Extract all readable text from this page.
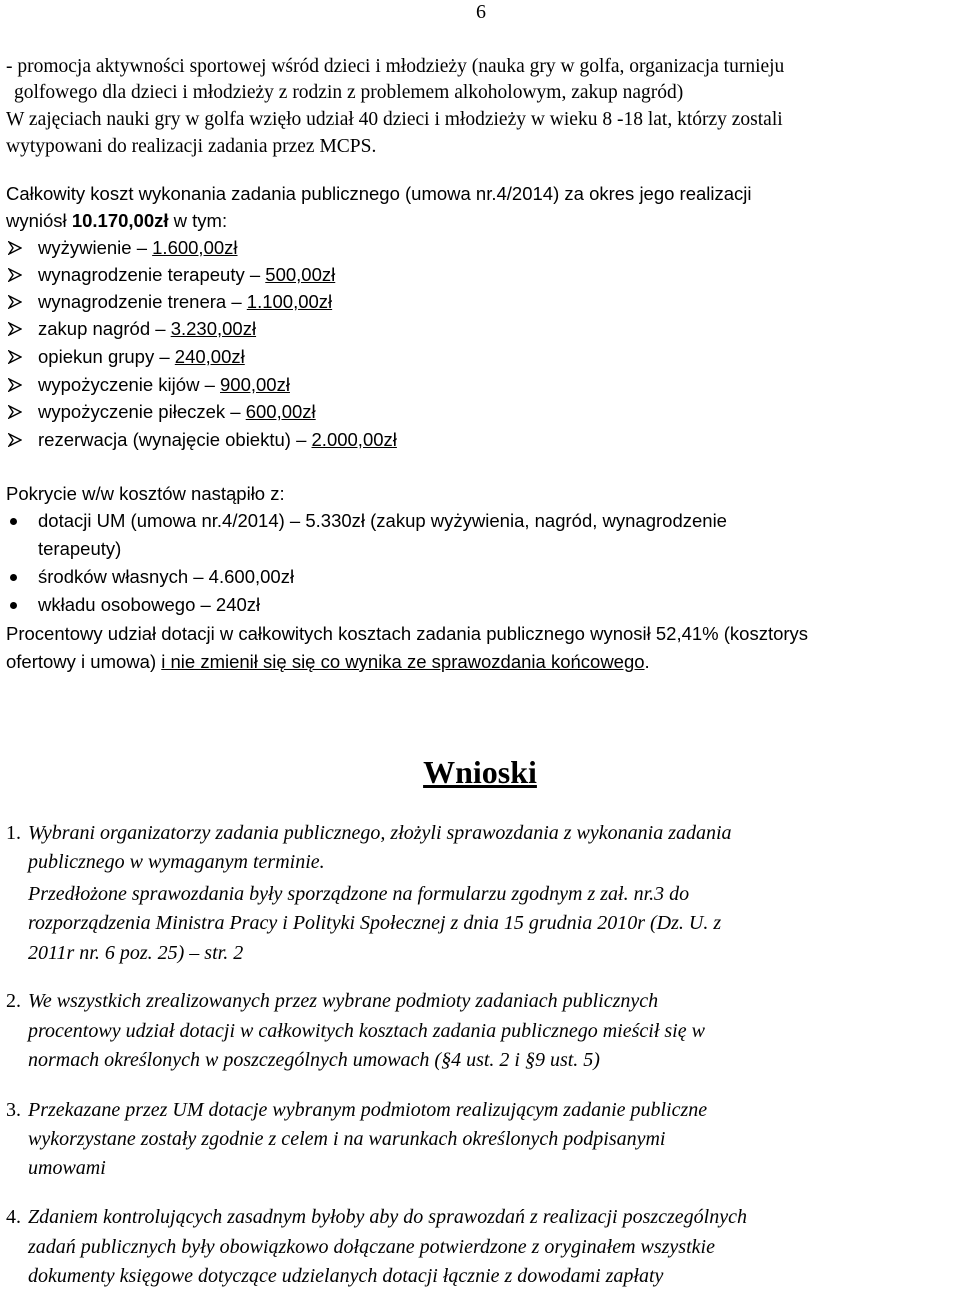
6
- promocja aktywności sportowej wśród dzieci i młodzieży (nauka gry w golfa, organizacja turnieju
golfowego dla dzieci i młodzieży z rodzin z problemem alkoholowym, zakup nagród)
W zajęciach nauki gry w golfa wzięło udział 40 dzieci i młodzieży w wieku 8 -18 lat, którzy zostali
wytypowani do realizacji zadania przez MCPS.
Całkowity koszt wykonania zadania publicznego (umowa nr.4/2014) za okres jego realizacji
wyniósł 10.170,00zł w tym:
wyżywienie – 1.600,00zł
wynagrodzenie terapeuty – 500,00zł
wynagrodzenie trenera – 1.100,00zł
zakup nagród – 3.230,00zł
opiekun grupy – 240,00zł
wypożyczenie kijów – 900,00zł
wypożyczenie piłeczek – 600,00zł
rezerwacja (wynajęcie obiektu) – 2.000,00zł
Pokrycie w/w kosztów nastąpiło z:
dotacji UM (umowa nr.4/2014) – 5.330zł (zakup wyżywienia, nagród, wynagrodzenie
terapeuty)
środków własnych – 4.600,00zł
wkładu osobowego – 240zł
Procentowy udział dotacji w całkowitych kosztach zadania publicznego wynosił 52,41% (kosztorys
ofertowy i umowa) i nie zmienił się się co wynika ze sprawozdania końcowego.
Wnioski
1. Wybrani organizatorzy zadania publicznego, złożyli sprawozdania z wykonania zadania
publicznego w wymaganym terminie.
Przedłożone sprawozdania były sporządzone na formularzu zgodnym z zał. nr.3 do
rozporządzenia Ministra Pracy i Polityki Społecznej z dnia 15 grudnia 2010r (Dz. U. z
2011r nr. 6 poz. 25) – str. 2
2. We wszystkich zrealizowanych przez wybrane podmioty zadaniach publicznych
procentowy udział dotacji w całkowitych kosztach zadania publicznego mieścił się w
normach określonych w poszczególnych umowach (§4 ust. 2 i §9 ust. 5)
3. Przekazane przez UM dotacje wybranym podmiotom realizującym zadanie publiczne
wykorzystane zostały zgodnie z celem i na warunkach określonych podpisanymi
umowami
4. Zdaniem kontrolujących zasadnym byłoby aby do sprawozdań z realizacji poszczególnych
zadań publicznych były obowiązkowo dołączane potwierdzone z oryginałem wszystkie
dokumenty księgowe dotyczące udzielanych dotacji łącznie z dowodami zapłaty
